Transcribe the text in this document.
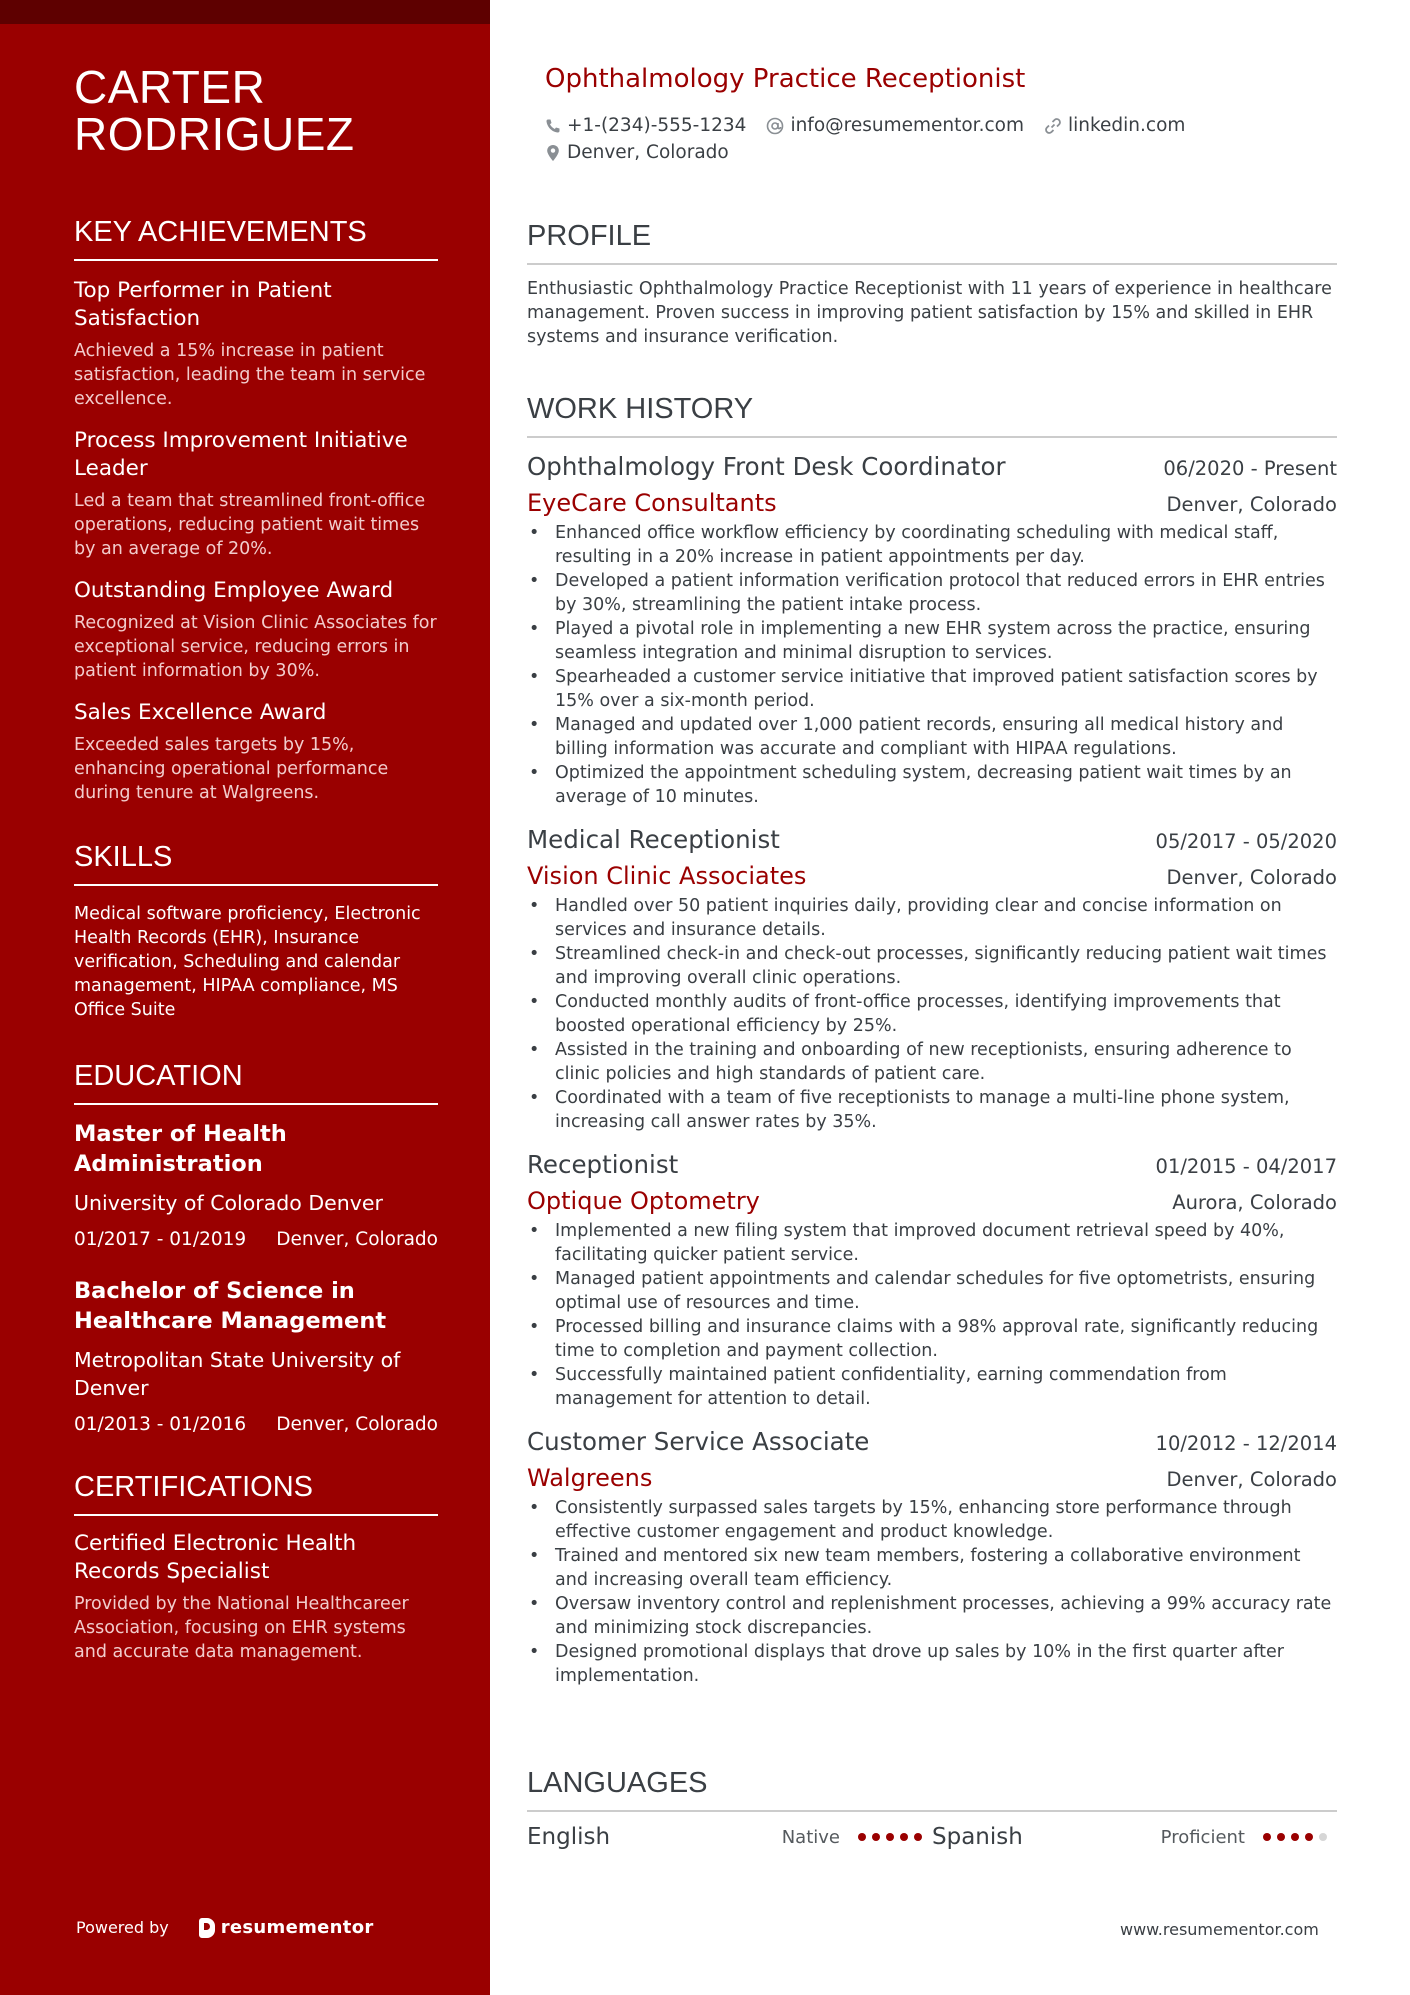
CARTER RODRIGUEZ
KEY ACHIEVEMENTS
Top Performer in Patient Satisfaction
Achieved a 15% increase in patient satisfaction, leading the team in service excellence.
Process Improvement Initiative Leader
Led a team that streamlined front-office operations, reducing patient wait times by an average of 20%.
Outstanding Employee Award
Recognized at Vision Clinic Associates for exceptional service, reducing errors in patient information by 30%.
Sales Excellence Award
Exceeded sales targets by 15%, enhancing operational performance during tenure at Walgreens.
SKILLS
Medical software proficiency, Electronic Health Records (EHR), Insurance verification, Scheduling and calendar management, HIPAA compliance, MS Office Suite
EDUCATION
Master of Health Administration
University of Colorado Denver
01/2017 - 01/2019 Denver, Colorado
Bachelor of Science in Healthcare Management
Metropolitan State University of Denver
01/2013 - 01/2016 Denver, Colorado
CERTIFICATIONS
Certified Electronic Health Records Specialist
Provided by the National Healthcareer Association, focusing on EHR systems and accurate data management.
Powered by	resumementor
Ophthalmology Practice Receptionist
+1-(234)-555-1234 info@resumementor.com linkedin.com
Denver, Colorado
PROFILE
Enthusiastic Ophthalmology Practice Receptionist with 11 years of experience in healthcare management. Proven success in improving patient satisfaction by 15% and skilled in EHR systems and insurance verification.
WORK HISTORY
Ophthalmology Front Desk Coordinator	06/2020 - Present
EyeCare Consultants	Denver, Colorado
• Enhanced office workflow efficiency by coordinating scheduling with medical staff, resulting in a 20% increase in patient appointments per day.
• Developed a patient information verification protocol that reduced errors in EHR entries by 30%, streamlining the patient intake process.
• Played a pivotal role in implementing a new EHR system across the practice, ensuring seamless integration and minimal disruption to services.
• Spearheaded a customer service initiative that improved patient satisfaction scores by 15% over a six-month period.
• Managed and updated over 1,000 patient records, ensuring all medical history and billing information was accurate and compliant with HIPAA regulations.
• Optimized the appointment scheduling system, decreasing patient wait times by an average of 10 minutes.
Medical Receptionist	05/2017 - 05/2020
Vision Clinic Associates	Denver, Colorado
• Handled over 50 patient inquiries daily, providing clear and concise information on services and insurance details.
• Streamlined check-in and check-out processes, significantly reducing patient wait times and improving overall clinic operations.
• Conducted monthly audits of front-office processes, identifying improvements that boosted operational efficiency by 25%.
• Assisted in the training and onboarding of new receptionists, ensuring adherence to clinic policies and high standards of patient care.
• Coordinated with a team of five receptionists to manage a multi-line phone system, increasing call answer rates by 35%.
Receptionist	01/2015 - 04/2017
Optique Optometry	Aurora, Colorado
• Implemented a new filing system that improved document retrieval speed by 40%, facilitating quicker patient service.
• Managed patient appointments and calendar schedules for five optometrists, ensuring optimal use of resources and time.
• Processed billing and insurance claims with a 98% approval rate, significantly reducing time to completion and payment collection.
• Successfully maintained patient confidentiality, earning commendation from management for attention to detail.
Customer Service Associate	10/2012 - 12/2014
Walgreens	Denver, Colorado
• Consistently surpassed sales targets by 15%, enhancing store performance through effective customer engagement and product knowledge.
• Trained and mentored six new team members, fostering a collaborative environment and increasing overall team efficiency.
• Oversaw inventory control and replenishment processes, achieving a 99% accuracy rate and minimizing stock discrepancies.
• Designed promotional displays that drove up sales by 10% in the first quarter after implementation.
LANGUAGES
English	Native	Spanish	Proficient
www.resumementor.com
